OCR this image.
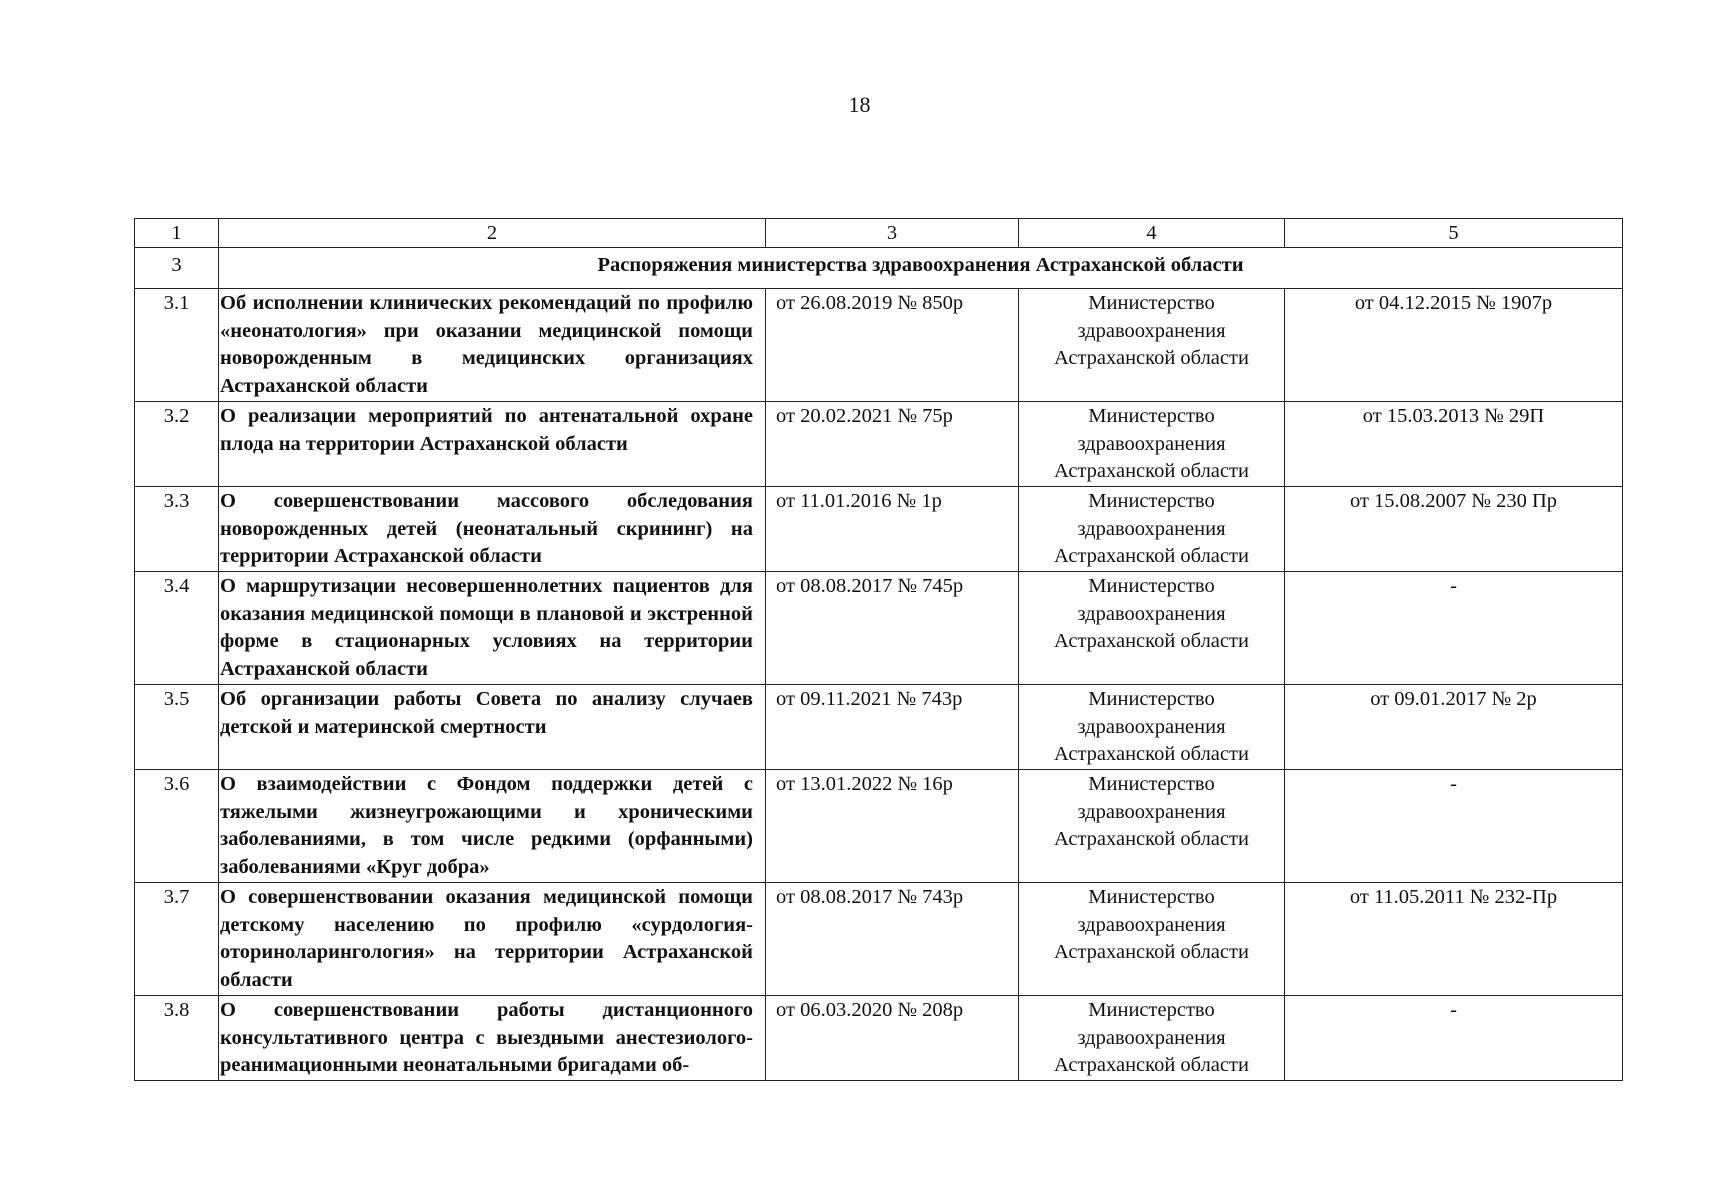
18
1	2	3	4	5
3	Распоряжения министерства здравоохранения Астраханской области			
3.1	Об исполнении клинических рекомендаций по профилю «неонатология» при оказании медицинской помощи новорожденным в медицинских организациях Астраханской области	от 26.08.2019 № 850р	Министерство здравоохранения Астраханской области	от 04.12.2015 № 1907р
3.2	О реализации мероприятий по антенатальной охране плода на территории Астраханской области	от 20.02.2021 № 75р	Министерство здравоохранения Астраханской области	от 15.03.2013 № 29П
3.3	О совершенствовании массового обследования новорожденных детей (неонатальный скрининг) на территории Астраханской области	от 11.01.2016 № 1р	Министерство здравоохранения Астраханской области	от 15.08.2007 № 230 Пр
3.4	О маршрутизации несовершеннолетних пациентов для оказания медицинской помощи в плановой и экстренной форме в стационарных условиях на территории Астраханской области	от 08.08.2017 № 745р	Министерство здравоохранения Астраханской области	-
3.5	Об организации работы Совета по анализу случаев детской и материнской смертности	от 09.11.2021 № 743р	Министерство здравоохранения Астраханской области	от 09.01.2017 № 2р
3.6	О взаимодействии с Фондом поддержки детей с тяжелыми жизнеугрожающими и хроническими заболеваниями, в том числе редкими (орфанными) заболеваниями «Круг добра»	от 13.01.2022 № 16р	Министерство здравоохранения Астраханской области	-
3.7	О совершенствовании оказания медицинской помощи детскому населению по профилю «сурдология-оториноларингология» на территории Астраханской области	от 08.08.2017 № 743р	Министерство здравоохранения Астраханской области	от 11.05.2011 № 232-Пр
3.8	О совершенствовании работы дистанционного консультативного центра с выездными анестезиолого-реанимационными неонатальными бригадами об-	от 06.03.2020 № 208р	Министерство здравоохранения Астраханской области	-
